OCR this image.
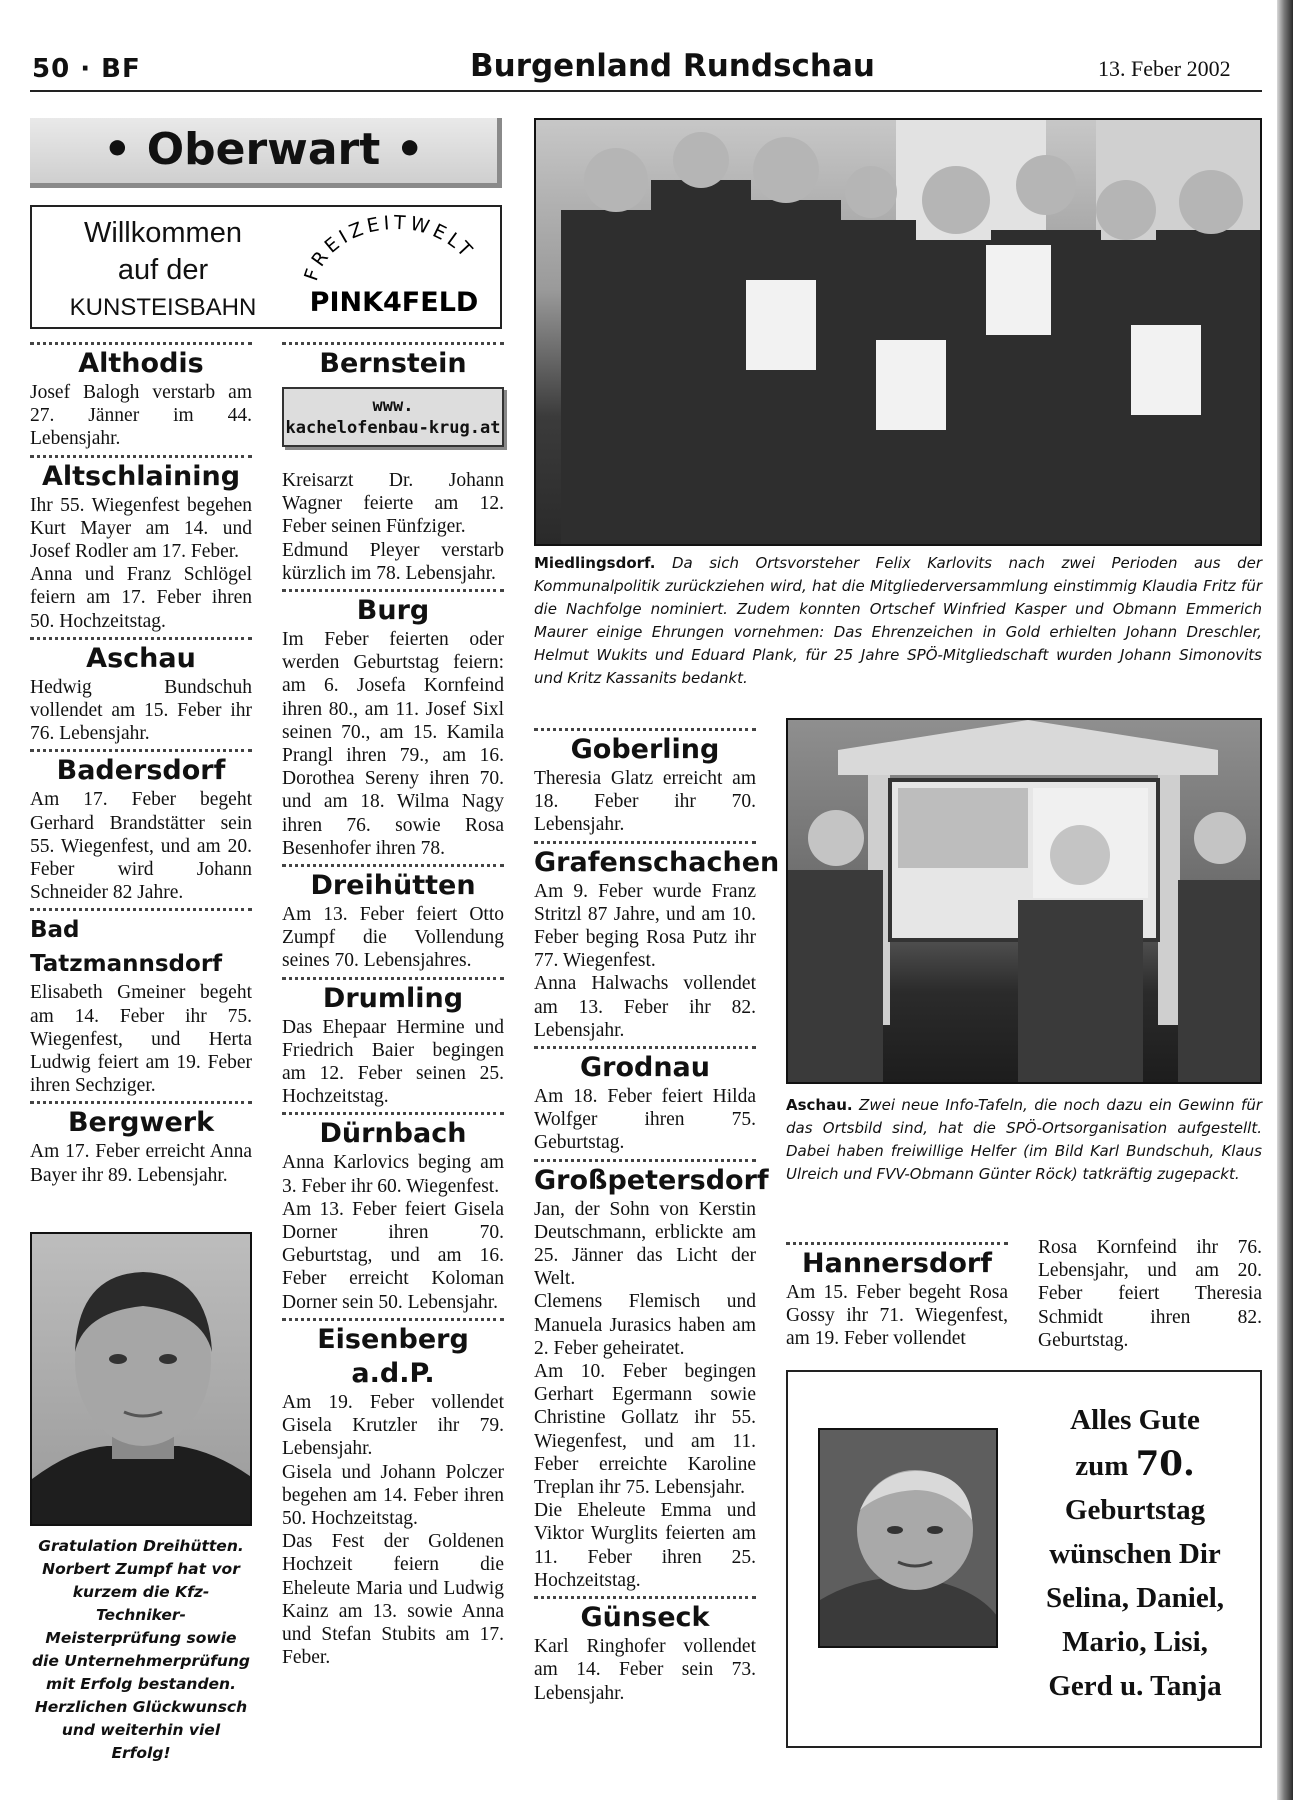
50 · BF	Burgenland Rundschau	13. Feber 2002
• Oberwart •
Willkommen
auf der
KUNSTEISBAHN
FREIZEITWELT
PINK4FELD
Althodis
Josef Balogh verstarb am 27. Jänner im 44. Lebensjahr.
Altschlaining
Ihr 55. Wiegenfest begehen Kurt Mayer am 14. und Josef Rodler am 17. Feber.
Anna und Franz Schlögel feiern am 17. Feber ihren 50. Hochzeitstag.
Aschau
Hedwig Bundschuh vollendet am 15. Feber ihr 76. Lebensjahr.
Badersdorf
Am 17. Feber begeht Gerhard Brandstätter sein 55. Wiegenfest, und am 20. Feber wird Johann Schneider 82 Jahre.
Bad Tatzmannsdorf
Elisabeth Gmeiner begeht am 14. Feber ihr 75. Wiegenfest, und Herta Ludwig feiert am 19. Feber ihren Sechziger.
Bergwerk
Am 17. Feber erreicht Anna Bayer ihr 89. Lebensjahr.
Gratulation Dreihütten. Norbert Zumpf hat vor kurzem die Kfz-Techniker-Meisterprüfung sowie die Unternehmerprüfung mit Erfolg bestanden. Herzlichen Glückwunsch und weiterhin viel Erfolg!
Bernstein
www.
kachelofenbau-krug.at
Kreisarzt Dr. Johann Wagner feierte am 12. Feber seinen Fünfziger.
Edmund Pleyer verstarb kürzlich im 78. Lebensjahr.
Burg
Im Feber feierten oder werden Geburtstag feiern: am 6. Josefa Kornfeind ihren 80., am 11. Josef Sixl seinen 70., am 15. Kamila Prangl ihren 79., am 16. Dorothea Sereny ihren 70. und am 18. Wilma Nagy ihren 76. sowie Rosa Besenhofer ihren 78.
Dreihütten
Am 13. Feber feiert Otto Zumpf die Vollendung seines 70. Lebensjahres.
Drumling
Das Ehepaar Hermine und Friedrich Baier begingen am 12. Feber seinen 25. Hochzeitstag.
Dürnbach
Anna Karlovics beging am 3. Feber ihr 60. Wiegenfest.
Am 13. Feber feiert Gisela Dorner ihren 70. Geburtstag, und am 16. Feber erreicht Koloman Dorner sein 50. Lebensjahr.
Eisenberg a.d.P.
Am 19. Feber vollendet Gisela Krutzler ihr 79. Lebensjahr.
Gisela und Johann Polczer begehen am 14. Feber ihren 50. Hochzeitstag.
Das Fest der Goldenen Hochzeit feiern die Eheleute Maria und Ludwig Kainz am 13. sowie Anna und Stefan Stubits am 17. Feber.
Miedlingsdorf. Da sich Ortsvorsteher Felix Karlovits nach zwei Perioden aus der Kommunalpolitik zurückziehen wird, hat die Mitgliederversammlung einstimmig Klaudia Fritz für die Nachfolge nominiert. Zudem konnten Ortschef Winfried Kasper und Obmann Emmerich Maurer einige Ehrungen vornehmen: Das Ehrenzeichen in Gold erhielten Johann Dreschler, Helmut Wukits und Eduard Plank, für 25 Jahre SPÖ-Mitgliedschaft wurden Johann Simonovits und Kritz Kassanits bedankt.
Goberling
Theresia Glatz erreicht am 18. Feber ihr 70. Lebensjahr.
Grafenschachen
Am 9. Feber wurde Franz Stritzl 87 Jahre, und am 10. Feber beging Rosa Putz ihr 77. Wiegenfest.
Anna Halwachs vollendet am 13. Feber ihr 82. Lebensjahr.
Grodnau
Am 18. Feber feiert Hilda Wolfger ihren 75. Geburtstag.
Großpetersdorf
Jan, der Sohn von Kerstin Deutschmann, erblickte am 25. Jänner das Licht der Welt.
Clemens Flemisch und Manuela Jurasics haben am 2. Feber geheiratet.
Am 10. Feber begingen Gerhart Egermann sowie Christine Gollatz ihr 55. Wiegenfest, und am 11. Feber erreichte Karoline Treplan ihr 75. Lebensjahr.
Die Eheleute Emma und Viktor Wurglits feierten am 11. Feber ihren 25. Hochzeitstag.
Günseck
Karl Ringhofer vollendet am 14. Feber sein 73. Lebensjahr.
Aschau. Zwei neue Info-Tafeln, die noch dazu ein Gewinn für das Ortsbild sind, hat die SPÖ-Ortsorganisation aufgestellt. Dabei haben freiwillige Helfer (im Bild Karl Bundschuh, Klaus Ulreich und FVV-Obmann Günter Röck) tatkräftig zugepackt.
Hannersdorf
Am 15. Feber begeht Rosa Gossy ihr 71. Wiegenfest, am 19. Feber vollendet
Rosa Kornfeind ihr 76. Lebensjahr, und am 20. Feber feiert Theresia Schmidt ihren 82. Geburtstag.
Alles Gute
zum 70.
Geburtstag
wünschen Dir
Selina, Daniel,
Mario, Lisi,
Gerd u. Tanja
